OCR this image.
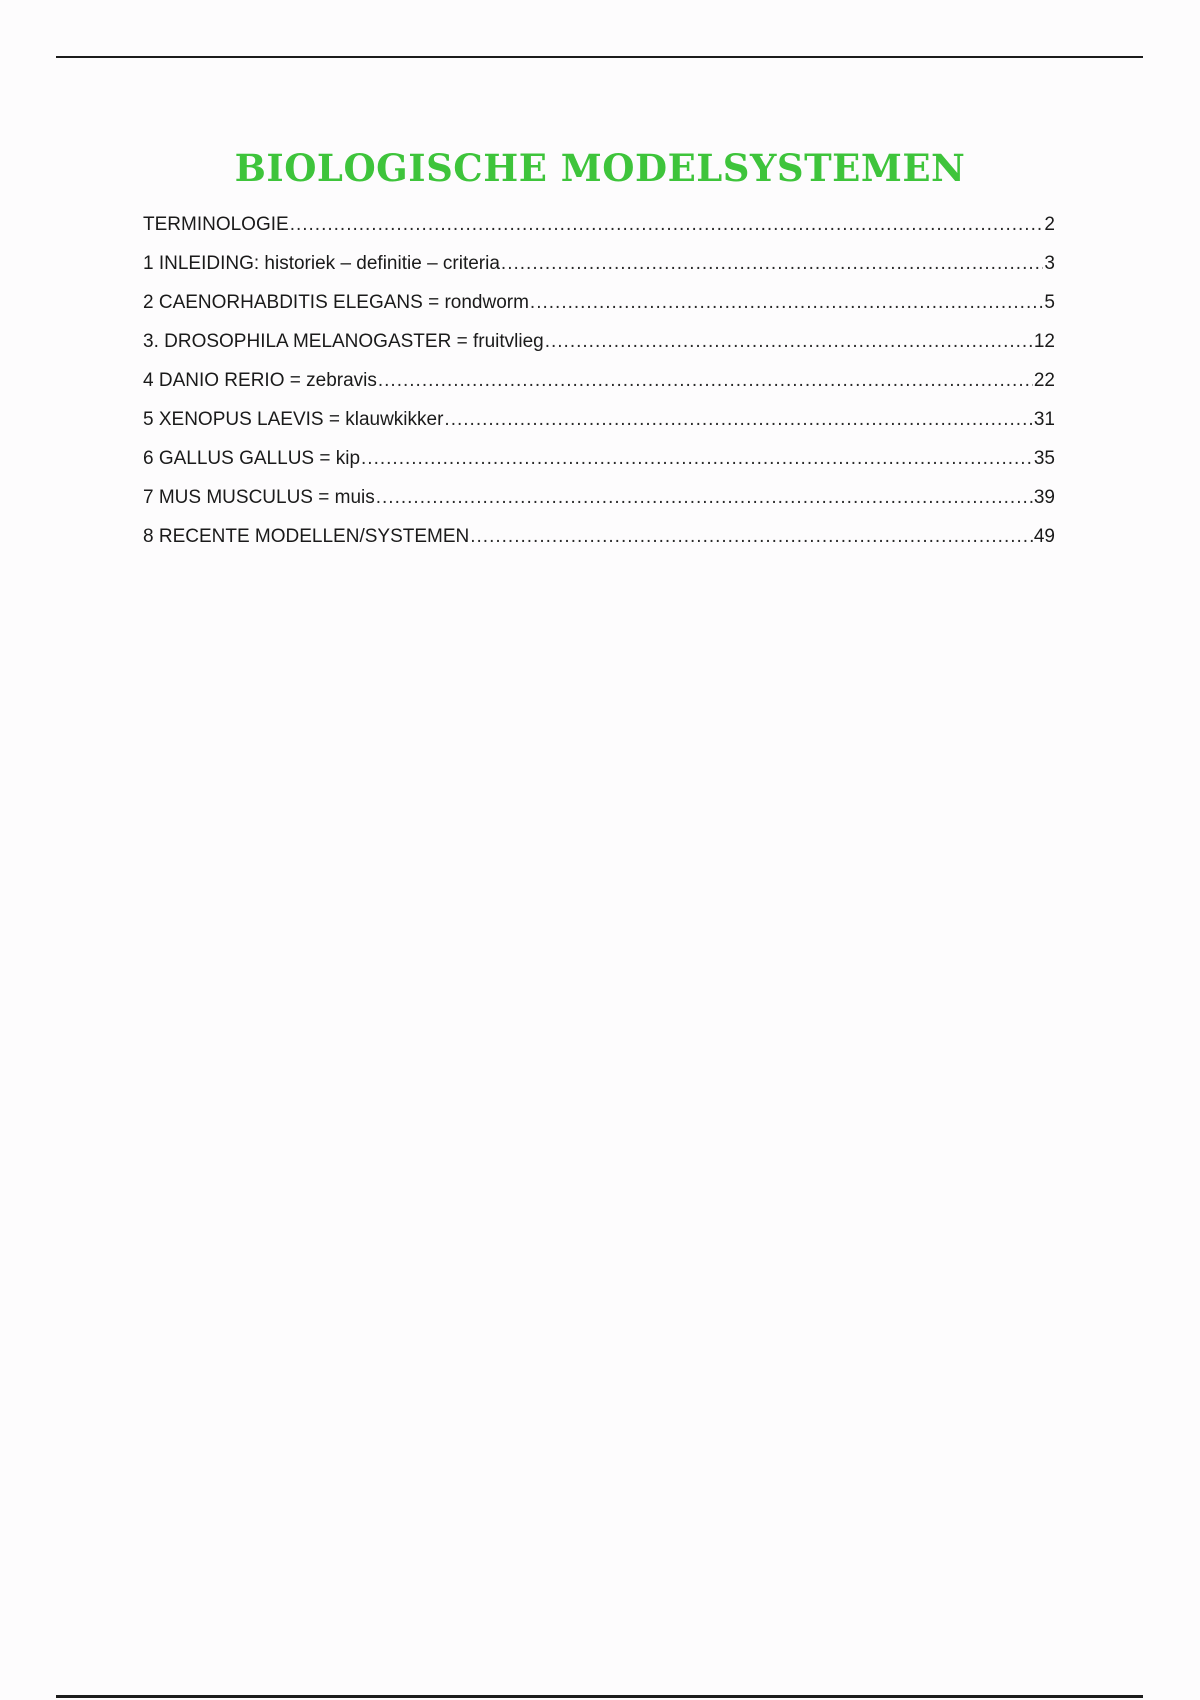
BIOLOGISCHE MODELSYSTEMEN
TERMINOLOGIE .....	2
1 INLEIDING: historiek – definitie – criteria .....	3
2 CAENORHABDITIS ELEGANS = rondworm .....	5
3. DROSOPHILA MELANOGASTER = fruitvlieg .....	12
4 DANIO RERIO = zebravis .....	22
5 XENOPUS LAEVIS = klauwkikker .....	31
6 GALLUS GALLUS = kip .....	35
7 MUS MUSCULUS = muis .....	39
8 RECENTE MODELLEN/SYSTEMEN .....	49
